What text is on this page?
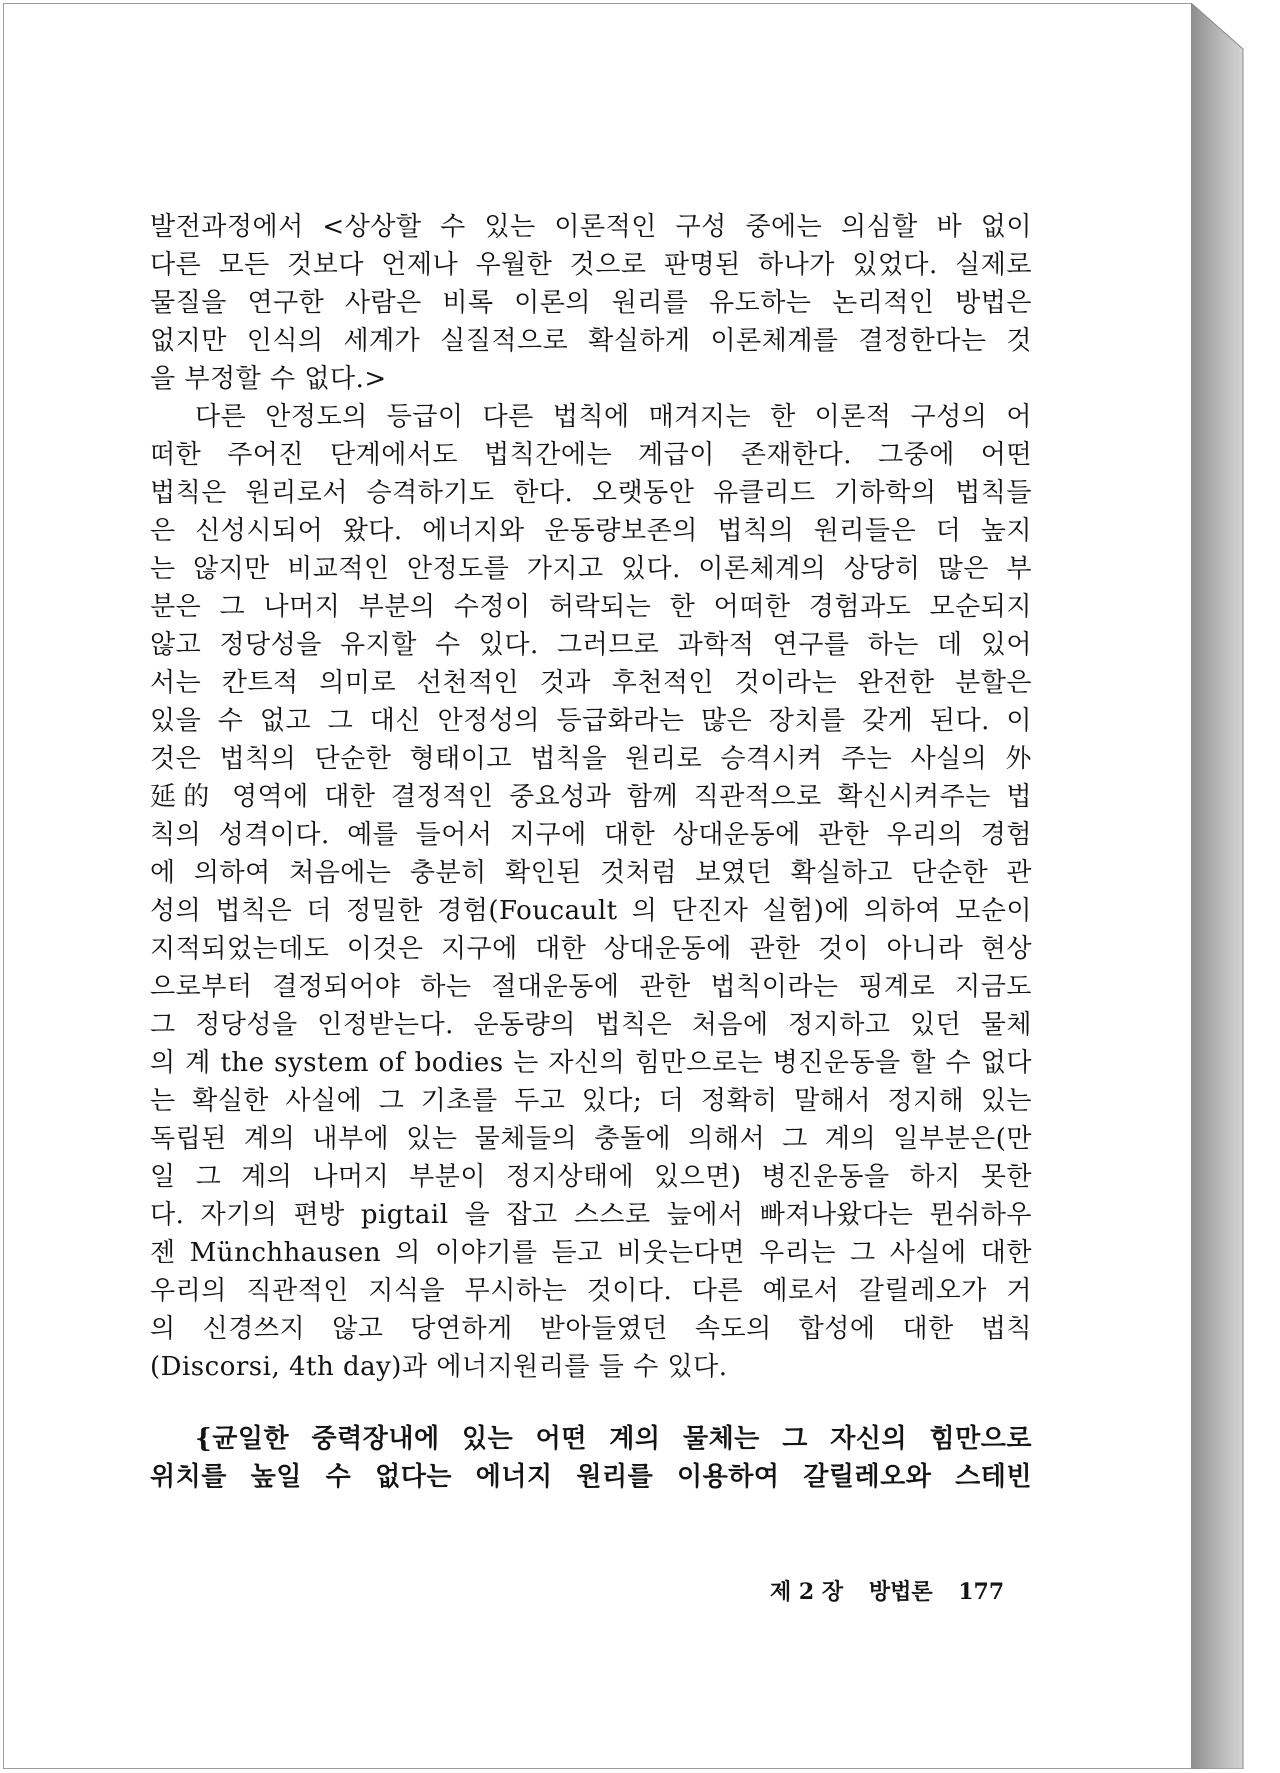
발전과정에서 <상상할 수 있는 이론적인 구성 중에는 의심할 바 없이
다른 모든 것보다 언제나 우월한 것으로 판명된 하나가 있었다. 실제로
물질을 연구한 사람은 비록 이론의 원리를 유도하는 논리적인 방법은
없지만 인식의 세계가 실질적으로 확실하게 이론체계를 결정한다는 것
을 부정할 수 없다.>
다른 안정도의 등급이 다른 법칙에 매겨지는 한 이론적 구성의 어
떠한 주어진 단계에서도 법칙간에는 계급이 존재한다. 그중에 어떤
법칙은 원리로서 승격하기도 한다. 오랫동안 유클리드 기하학의 법칙들
은 신성시되어 왔다. 에너지와 운동량보존의 법칙의 원리들은 더 높지
는 않지만 비교적인 안정도를 가지고 있다. 이론체계의 상당히 많은 부
분은 그 나머지 부분의 수정이 허락되는 한 어떠한 경험과도 모순되지
않고 정당성을 유지할 수 있다. 그러므로 과학적 연구를 하는 데 있어
서는 칸트적 의미로 선천적인 것과 후천적인 것이라는 완전한 분할은
있을 수 없고 그 대신 안정성의 등급화라는 많은 장치를 갖게 된다. 이
것은 법칙의 단순한 형태이고 법칙을 원리로 승격시켜 주는 사실의 外
延的 영역에 대한 결정적인 중요성과 함께 직관적으로 확신시켜주는 법
칙의 성격이다. 예를 들어서 지구에 대한 상대운동에 관한 우리의 경험
에 의하여 처음에는 충분히 확인된 것처럼 보였던 확실하고 단순한 관
성의 법칙은 더 정밀한 경험(Foucault 의 단진자 실험)에 의하여 모순이
지적되었는데도 이것은 지구에 대한 상대운동에 관한 것이 아니라 현상
으로부터 결정되어야 하는 절대운동에 관한 법칙이라는 핑계로 지금도
그 정당성을 인정받는다. 운동량의 법칙은 처음에 정지하고 있던 물체
의 계 the system of bodies 는 자신의 힘만으로는 병진운동을 할 수 없다
는 확실한 사실에 그 기초를 두고 있다; 더 정확히 말해서 정지해 있는
독립된 계의 내부에 있는 물체들의 충돌에 의해서 그 계의 일부분은(만
일 그 계의 나머지 부분이 정지상태에 있으면) 병진운동을 하지 못한
다. 자기의 편방 pigtail 을 잡고 스스로 늪에서 빠져나왔다는 뮌쉬하우
젠 Münchhausen 의 이야기를 듣고 비웃는다면 우리는 그 사실에 대한
우리의 직관적인 지식을 무시하는 것이다. 다른 예로서 갈릴레오가 거
의 신경쓰지 않고 당연하게 받아들였던 속도의 합성에 대한 법칙
(Discorsi, 4th day)과 에너지원리를 들 수 있다.
{균일한 중력장내에 있는 어떤 계의 물체는 그 자신의 힘만으로
위치를 높일 수 없다는 에너지 원리를 이용하여 갈릴레오와 스테빈
제 2 장 방법론 177
